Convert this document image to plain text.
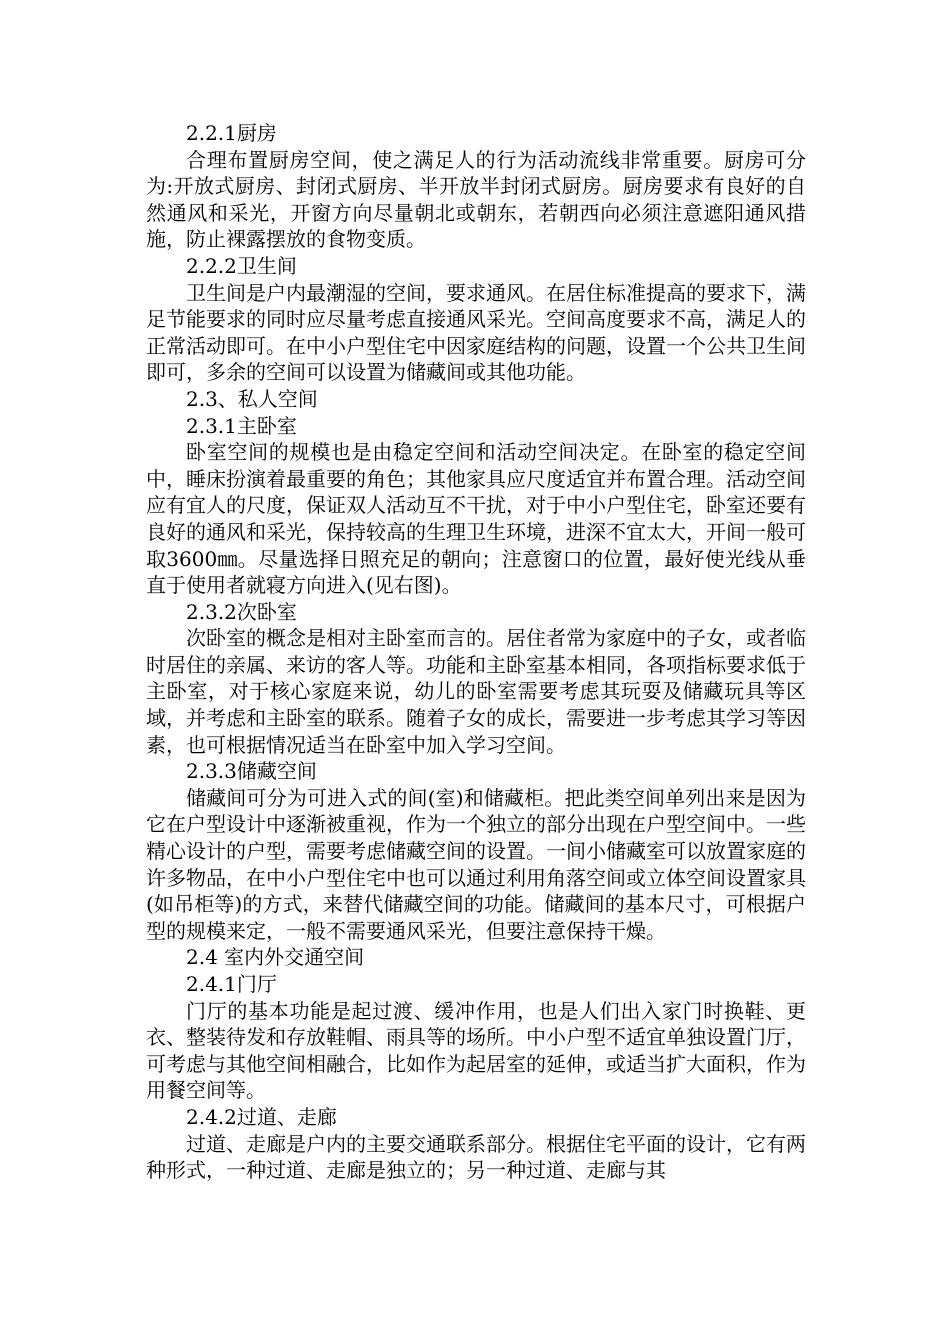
2.2.1厨房

合理布置厨房空间，使之满足人的行为活动流线非常重要。厨房可分为:开放式厨房、封闭式厨房、半开放半封闭式厨房。厨房要求有良好的自然通风和采光，开窗方向尽量朝北或朝东，若朝西向必须注意遮阳通风措施，防止裸露摆放的食物变质。

2.2.2卫生间

卫生间是户内最潮湿的空间，要求通风。在居住标准提高的要求下，满足节能要求的同时应尽量考虑直接通风采光。空间高度要求不高，满足人的正常活动即可。在中小户型住宅中因家庭结构的问题，设置一个公共卫生间即可，多余的空间可以设置为储藏间或其他功能。

2.3、私人空间

2.3.1主卧室

卧室空间的规模也是由稳定空间和活动空间决定。在卧室的稳定空间中，睡床扮演着最重要的角色；其他家具应尺度适宜并布置合理。活动空间应有宜人的尺度，保证双人活动互不干扰，对于中小户型住宅，卧室还要有良好的通风和采光，保持较高的生理卫生环境，进深不宜太大，开间一般可取3600㎜。尽量选择日照充足的朝向；注意窗口的位置，最好使光线从垂直于使用者就寝方向进入(见右图)。

2.3.2次卧室

次卧室的概念是相对主卧室而言的。居住者常为家庭中的子女，或者临时居住的亲属、来访的客人等。功能和主卧室基本相同，各项指标要求低于主卧室，对于核心家庭来说，幼儿的卧室需要考虑其玩耍及储藏玩具等区域，并考虑和主卧室的联系。随着子女的成长，需要进一步考虑其学习等因素，也可根据情况适当在卧室中加入学习空间。

2.3.3储藏空间

储藏间可分为可进入式的间(室)和储藏柜。把此类空间单列出来是因为它在户型设计中逐渐被重视，作为一个独立的部分出现在户型空间中。一些精心设计的户型，需要考虑储藏空间的设置。一间小储藏室可以放置家庭的许多物品，在中小户型住宅中也可以通过利用角落空间或立体空间设置家具(如吊柜等)的方式，来替代储藏空间的功能。储藏间的基本尺寸，可根据户型的规模来定，一般不需要通风采光，但要注意保持干燥。

2.4 室内外交通空间

2.4.1门厅

门厅的基本功能是起过渡、缓冲作用，也是人们出入家门时换鞋、更衣、整装待发和存放鞋帽、雨具等的场所。中小户型不适宜单独设置门厅，可考虑与其他空间相融合，比如作为起居室的延伸，或适当扩大面积，作为用餐空间等。

2.4.2过道、走廊

过道、走廊是户内的主要交通联系部分。根据住宅平面的设计，它有两种形式，一种过道、走廊是独立的；另一种过道、走廊与其
